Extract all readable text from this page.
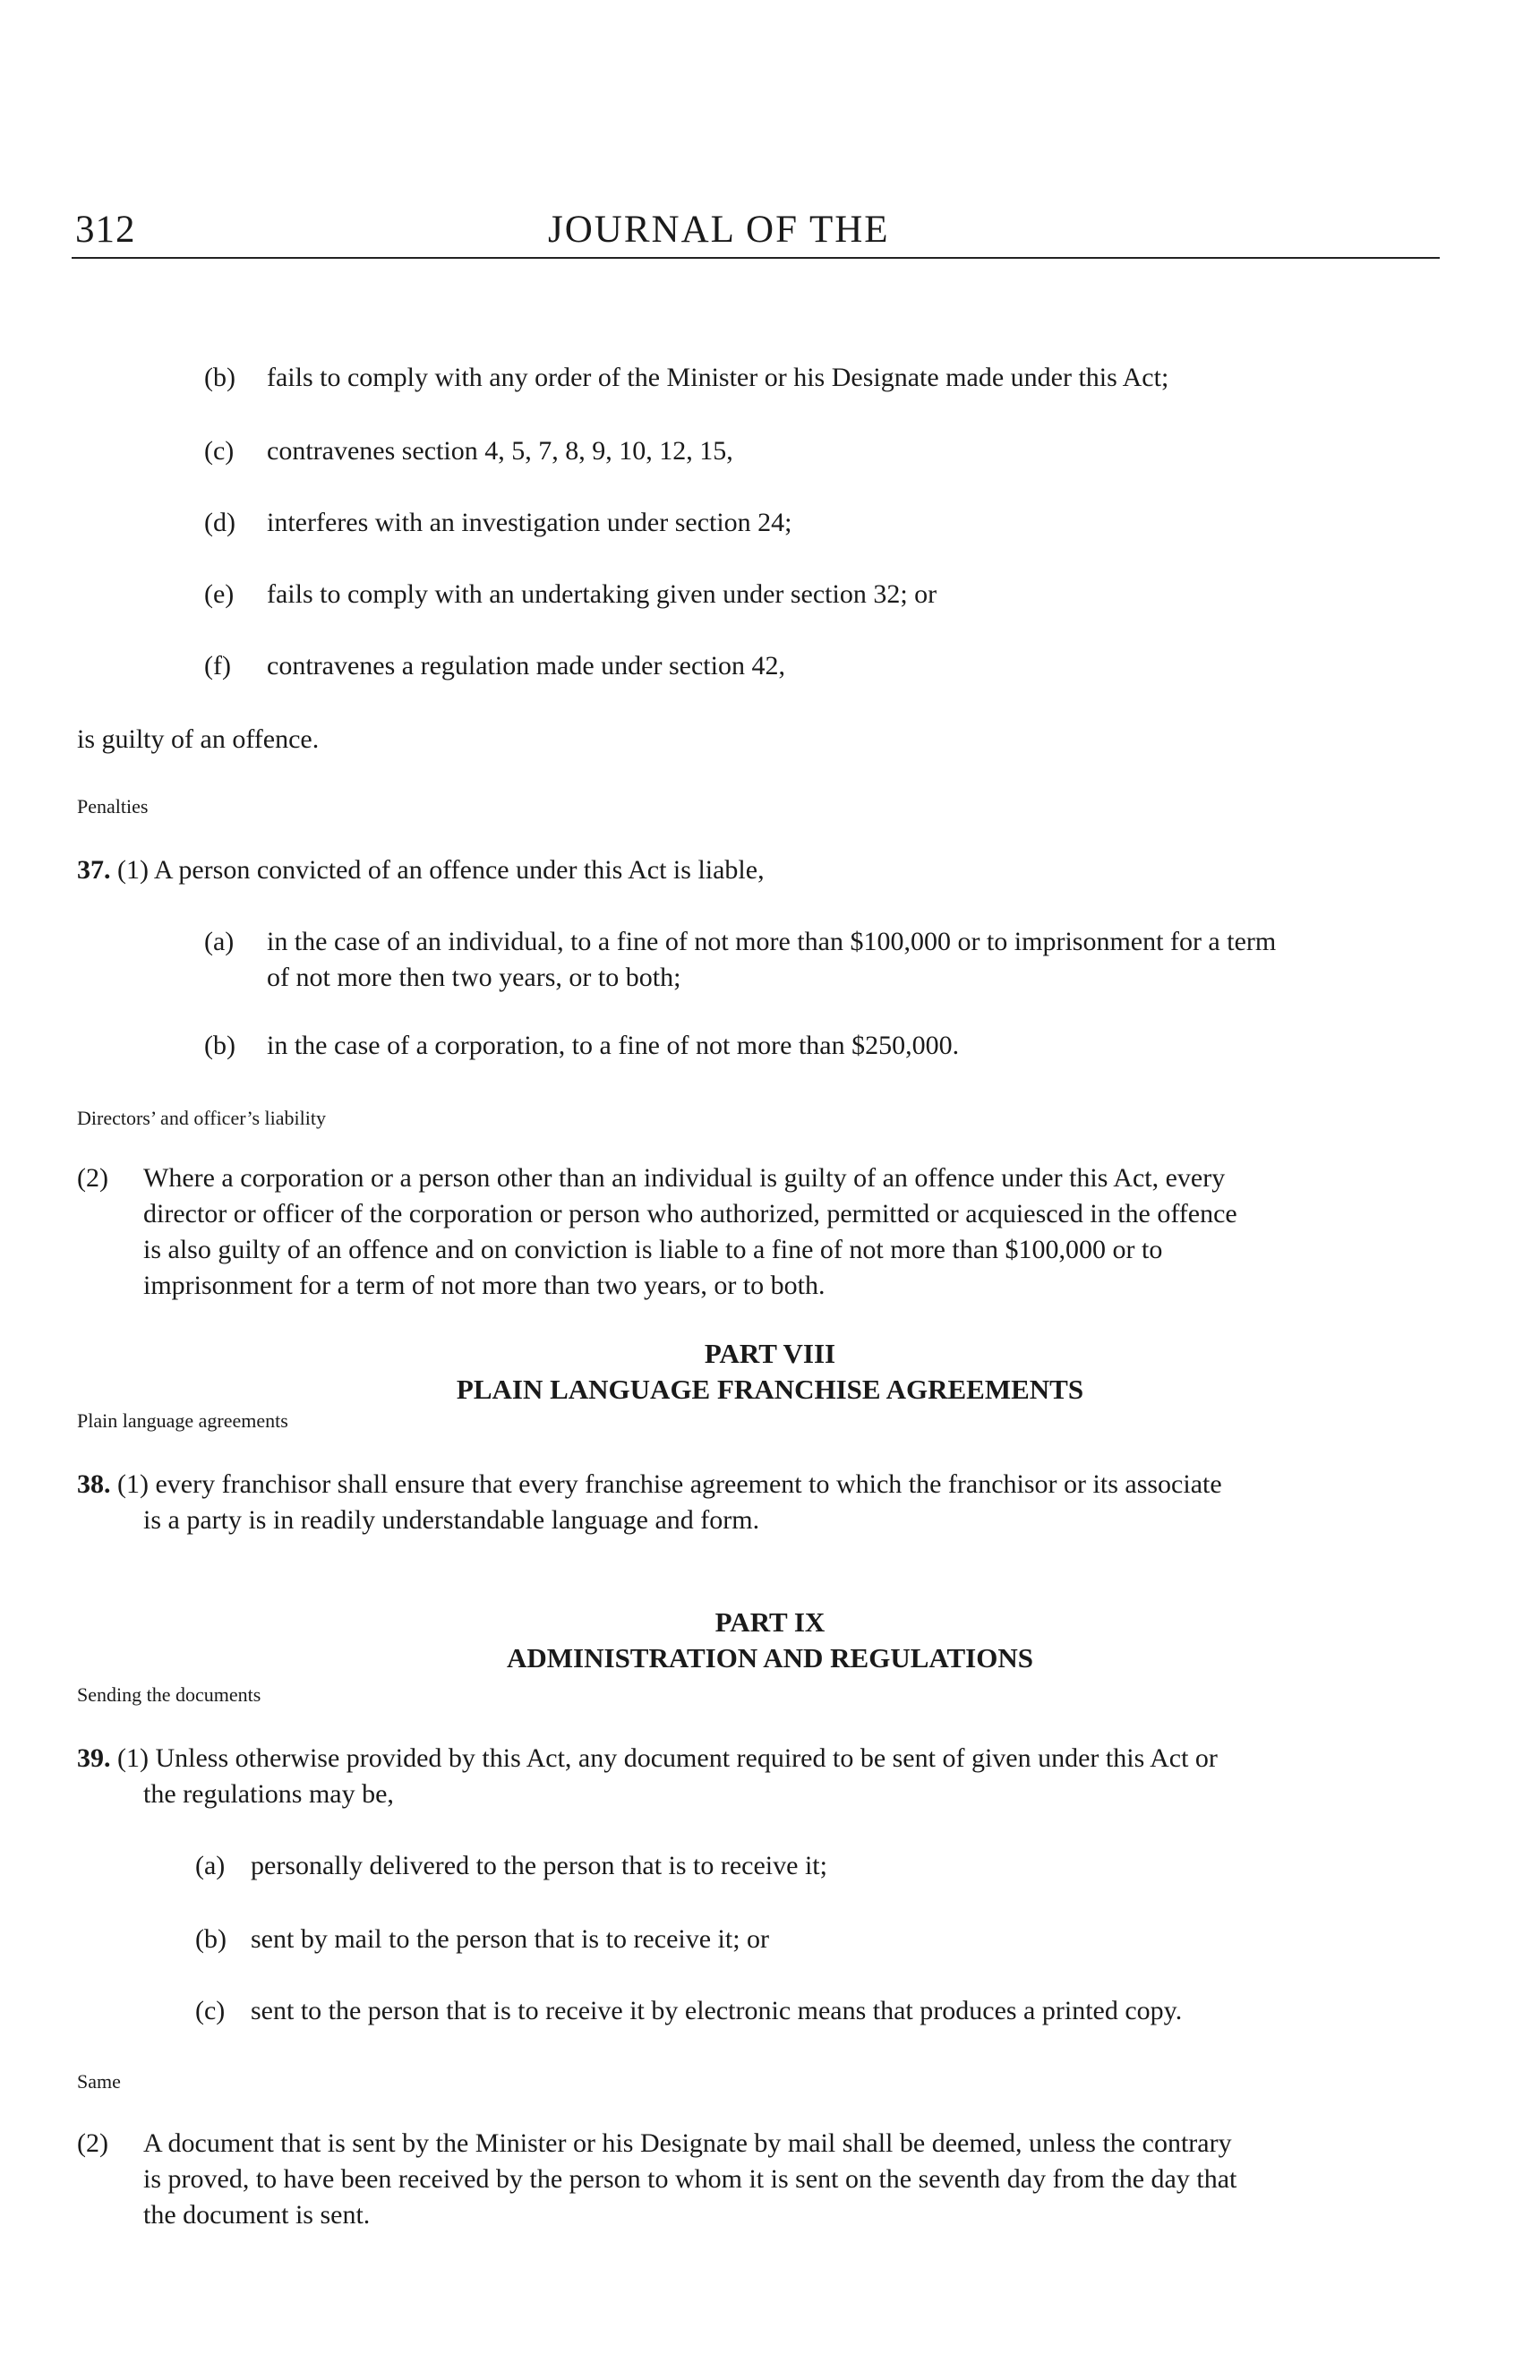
312	JOURNAL OF THE
(b) fails to comply with any order of the Minister or his Designate made under this Act;
(c) contravenes section 4, 5, 7, 8, 9, 10, 12, 15,
(d) interferes with an investigation under section 24;
(e) fails to comply with an undertaking given under section 32; or
(f) contravenes a regulation made under section 42,
is guilty of an offence.
Penalties
37. (1) A person convicted of an offence under this Act is liable,
(a) in the case of an individual, to a fine of not more than $100,000 or to imprisonment for a term
of not more then two years, or to both;
(b) in the case of a corporation, to a fine of not more than $250,000.
Directors’ and officer’s liability
(2) Where a corporation or a person other than an individual is guilty of an offence under this Act, every
director or officer of the corporation or person who authorized, permitted or acquiesced in the offence
is also guilty of an offence and on conviction is liable to a fine of not more than $100,000 or to
imprisonment for a term of not more than two years, or to both.
PART VIII
PLAIN LANGUAGE FRANCHISE AGREEMENTS
Plain language agreements
38. (1) every franchisor shall ensure that every franchise agreement to which the franchisor or its associate
is a party is in readily understandable language and form.
PART IX
ADMINISTRATION AND REGULATIONS
Sending the documents
39. (1) Unless otherwise provided by this Act, any document required to be sent of given under this Act or
the regulations may be,
(a) personally delivered to the person that is to receive it;
(b) sent by mail to the person that is to receive it; or
(c) sent to the person that is to receive it by electronic means that produces a printed copy.
Same
(2) A document that is sent by the Minister or his Designate by mail shall be deemed, unless the contrary
is proved, to have been received by the person to whom it is sent on the seventh day from the day that
the document is sent.
